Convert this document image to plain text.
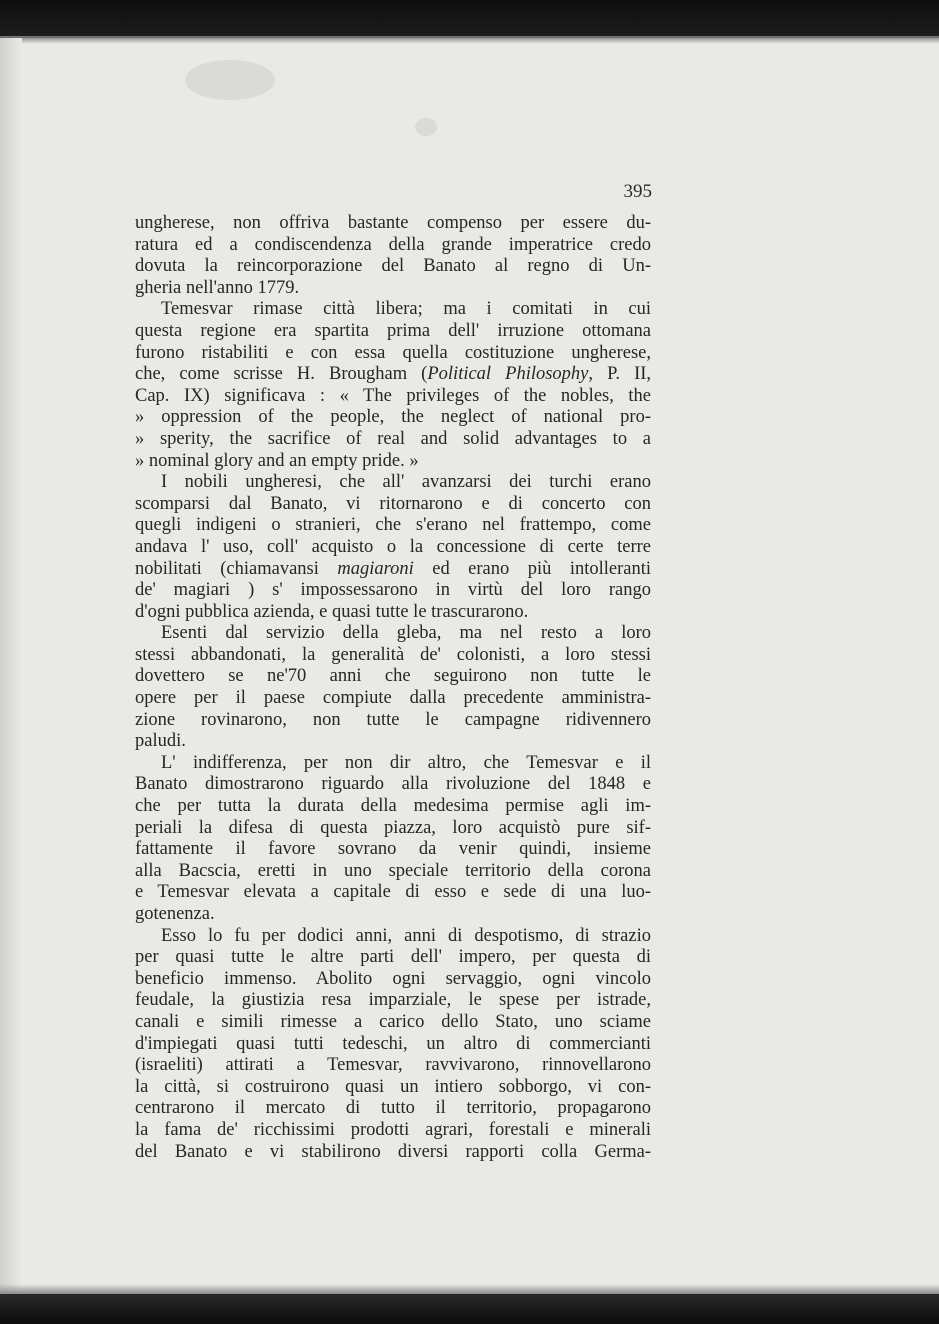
395
ungherese, non offriva bastante compenso per essere du-
ratura ed a condiscendenza della grande imperatrice credo
dovuta la reincorporazione del Banato al regno di Un-
gheria nell'anno 1779.
Temesvar rimase città libera; ma i comitati in cui
questa regione era spartita prima dell' irruzione ottomana
furono ristabiliti e con essa quella costituzione ungherese,
che, come scrisse H. Brougham (Political Philosophy, P. II,
Cap. IX) significava : « The privileges of the nobles, the
» oppression of the people, the neglect of national pro-
» sperity, the sacrifice of real and solid advantages to a
» nominal glory and an empty pride. »
I nobili ungheresi, che all' avanzarsi dei turchi erano
scomparsi dal Banato, vi ritornarono e di concerto con
quegli indigeni o stranieri, che s'erano nel frattempo, come
andava l' uso, coll' acquisto o la concessione di certe terre
nobilitati (chiamavansi magiaroni ed erano più intolleranti
de' magiari ) s' impossessarono in virtù del loro rango
d'ogni pubblica azienda, e quasi tutte le trascurarono.
Esenti dal servizio della gleba, ma nel resto a loro
stessi abbandonati, la generalità de' colonisti, a loro stessi
dovettero se ne'70 anni che seguirono non tutte le
opere per il paese compiute dalla precedente amministra-
zione rovinarono, non tutte le campagne ridivennero
paludi.
L' indifferenza, per non dir altro, che Temesvar e il
Banato dimostrarono riguardo alla rivoluzione del 1848 e
che per tutta la durata della medesima permise agli im-
periali la difesa di questa piazza, loro acquistò pure sif-
fattamente il favore sovrano da venir quindi, insieme
alla Bacscia, eretti in uno speciale territorio della corona
e Temesvar elevata a capitale di esso e sede di una luo-
gotenenza.
Esso lo fu per dodici anni, anni di despotismo, di strazio
per quasi tutte le altre parti dell' impero, per questa di
beneficio immenso. Abolito ogni servaggio, ogni vincolo
feudale, la giustizia resa imparziale, le spese per istrade,
canali e simili rimesse a carico dello Stato, uno sciame
d'impiegati quasi tutti tedeschi, un altro di commercianti
(israeliti) attirati a Temesvar, ravvivarono, rinnovellarono
la città, si costruirono quasi un intiero sobborgo, vi con-
centrarono il mercato di tutto il territorio, propagarono
la fama de' ricchissimi prodotti agrari, forestali e minerali
del Banato e vi stabilirono diversi rapporti colla Germa-
